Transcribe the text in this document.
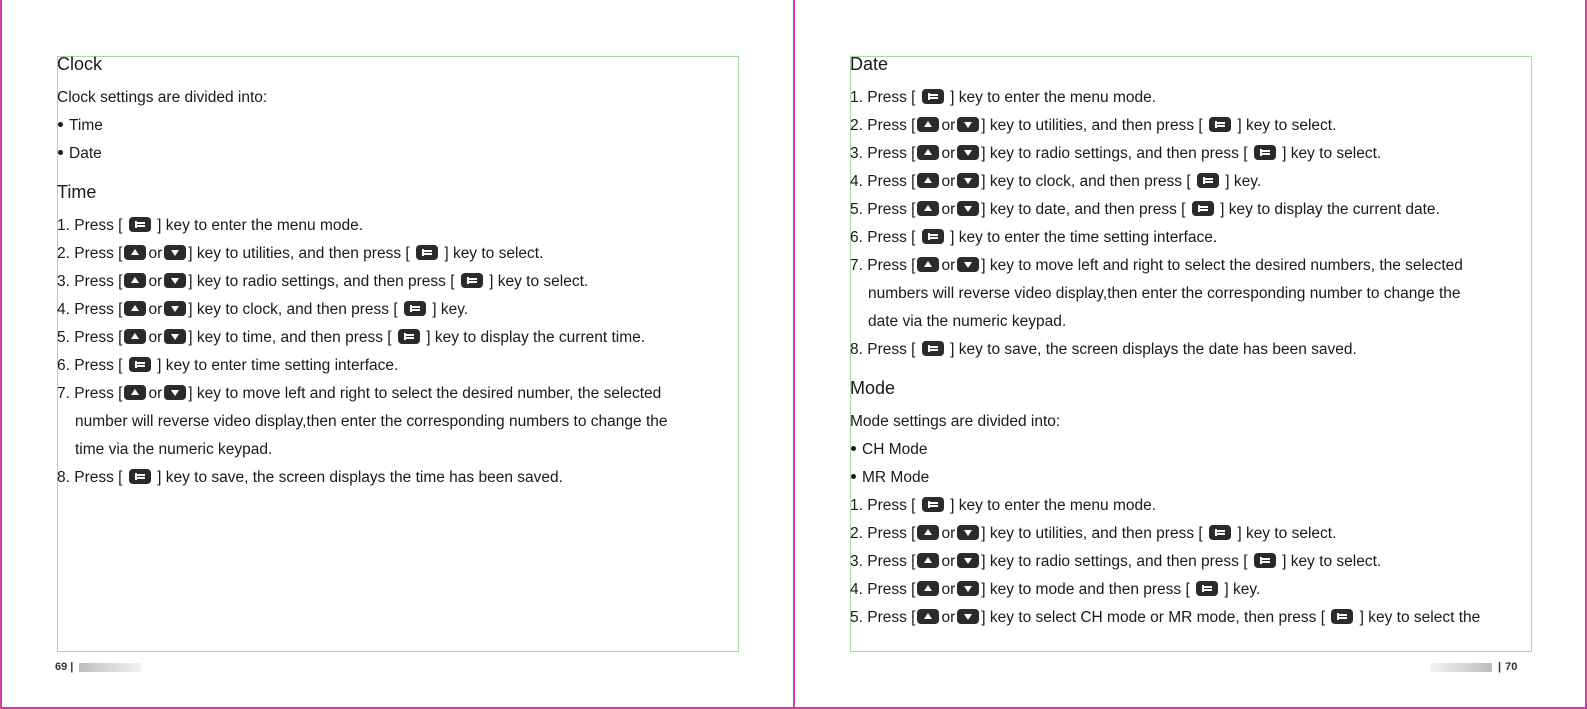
Clock
Clock settings are divided into:
Time
Date
Time
1. Press [ ] key to enter the menu mode.
2. Press [ or ] key to utilities, and then press [ ] key to select.
3. Press [ or ] key to radio settings, and then press [ ] key to select.
4. Press [ or ] key to clock, and then press [ ] key.
5. Press [ or ] key to time, and then press [ ] key to display the current time.
6. Press [ ] key to enter time setting interface.
7. Press [ or ] key to move left and right to select the desired number, the selected
number will reverse video display,then enter the corresponding numbers to change the
time via the numeric keypad.
8. Press [ ] key to save, the screen displays the time has been saved.
Date
1. Press [ ] key to enter the menu mode.
2. Press [ or ] key to utilities, and then press [ ] key to select.
3. Press [ or ] key to radio settings, and then press [ ] key to select.
4. Press [ or ] key to clock, and then press [ ] key.
5. Press [ or ] key to date, and then press [ ] key to display the current date.
6. Press [ ] key to enter the time setting interface.
7. Press [ or ] key to move left and right to select the desired numbers, the selected
numbers will reverse video display,then enter the corresponding number to change the
date via the numeric keypad.
8. Press [ ] key to save, the screen displays the date has been saved.
Mode
Mode settings are divided into:
CH Mode
MR Mode
1. Press [ ] key to enter the menu mode.
2. Press [ or ] key to utilities, and then press [ ] key to select.
3. Press [ or ] key to radio settings, and then press [ ] key to select.
4. Press [ or ] key to mode and then press [ ] key.
5. Press [ or ] key to select CH mode or MR mode, then press [ ] key to select the
69 |	| 70
